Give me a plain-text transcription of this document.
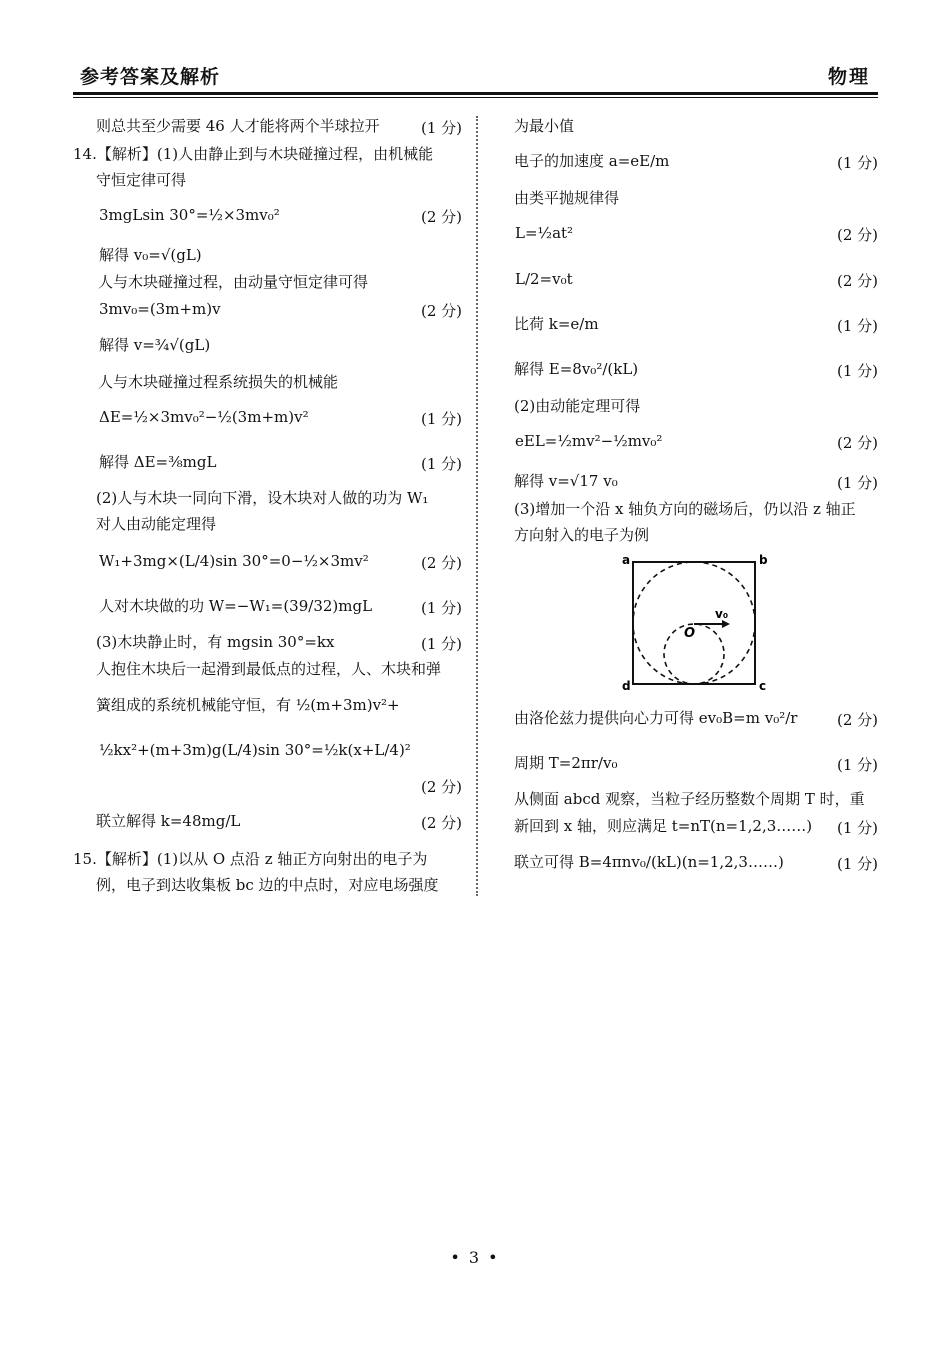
参考答案及解析	物理
则总共至少需要 46 人才能将两个半球拉开	(1 分)
14.【解析】(1)人由静止到与木块碰撞过程，由机械能
守恒定律可得
3mgLsin 30°=½×3mv₀²	(2 分)
解得 v₀=√(gL)
人与木块碰撞过程，由动量守恒定律可得
3mv₀=(3m+m)v	(2 分)
解得 v=¾√(gL)
人与木块碰撞过程系统损失的机械能
ΔE=½×3mv₀²−½(3m+m)v²	(1 分)
解得 ΔE=⅜mgL	(1 分)
(2)人与木块一同向下滑，设木块对人做的功为 W₁
对人由动能定理得
W₁+3mg×(L/4)sin 30°=0−½×3mv²	(2 分)
人对木块做的功 W=−W₁=(39/32)mgL	(1 分)
(3)木块静止时，有 mgsin 30°=kx	(1 分)
人抱住木块后一起滑到最低点的过程，人、木块和弹
簧组成的系统机械能守恒，有 ½(m+3m)v²+
½kx²+(m+3m)g(L/4)sin 30°=½k(x+L/4)²
(2 分)
联立解得 k=48mg/L	(2 分)
15.【解析】(1)以从 O 点沿 z 轴正方向射出的电子为
例，电子到达收集板 bc 边的中点时，对应电场强度
为最小值
电子的加速度 a=eE/m	(1 分)
由类平抛规律得
L=½at²	(2 分)
L/2=v₀t	(2 分)
比荷 k=e/m	(1 分)
解得 E=8v₀²/(kL)	(1 分)
(2)由动能定理可得
eEL=½mv²−½mv₀²	(2 分)
解得 v=√17 v₀	(1 分)
(3)增加一个沿 x 轴负方向的磁场后，仍以沿 z 轴正
方向射入的电子为例
a	b
c
d
O
v₀
由洛伦兹力提供向心力可得 ev₀B=m v₀²/r	(2 分)
周期 T=2πr/v₀	(1 分)
从侧面 abcd 观察，当粒子经历整数个周期 T 时，重
新回到 x 轴，则应满足 t=nT(n=1,2,3……) (1 分)
联立可得 B=4πnv₀/(kL)(n=1,2,3……)	(1 分)
• 3 •
